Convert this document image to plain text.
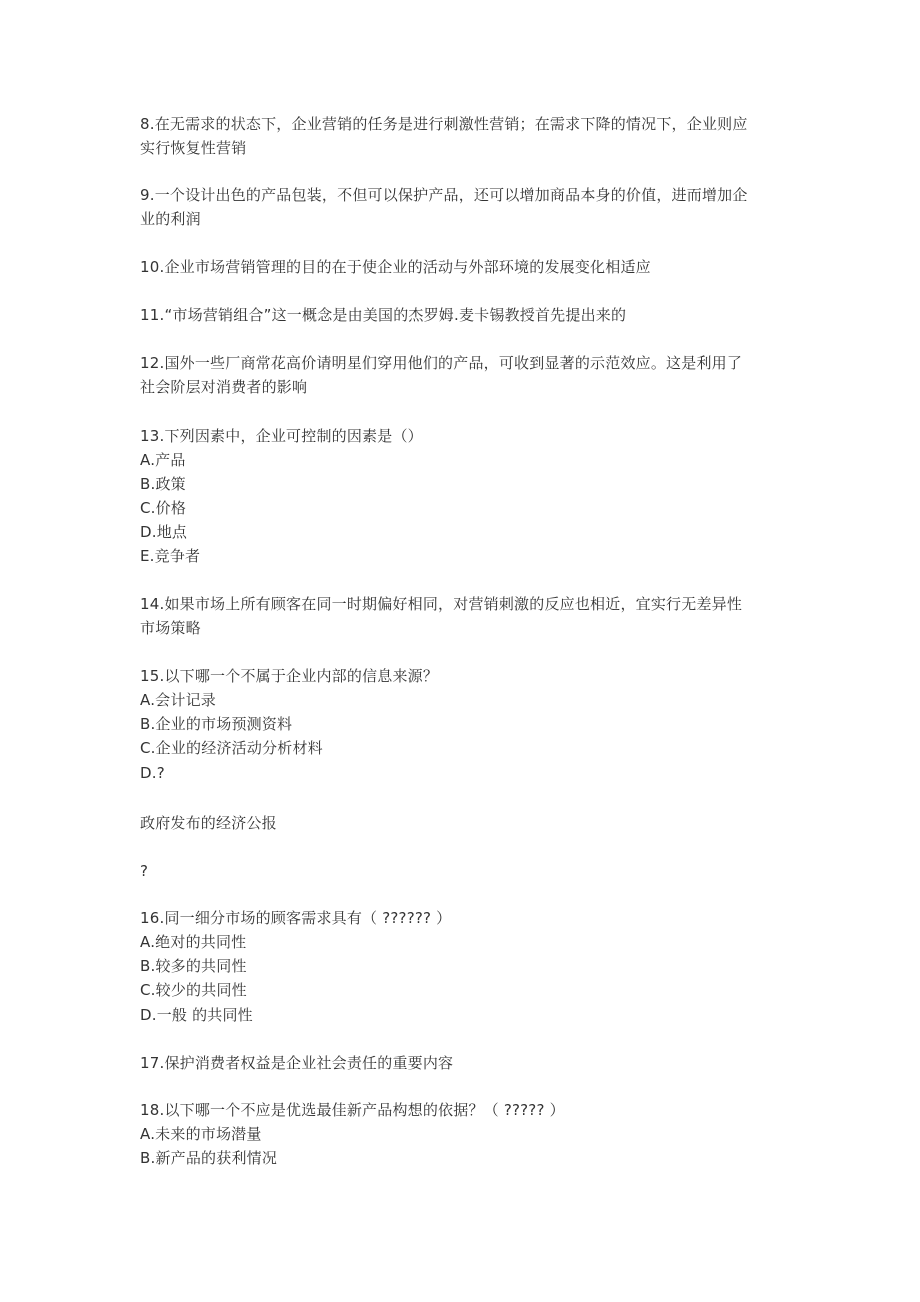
8.在无需求的状态下，企业营销的任务是进行刺激性营销；在需求下降的情况下，企业则应
实行恢复性营销
9.一个设计出色的产品包装，不但可以保护产品，还可以增加商品本身的价值，进而增加企
业的利润
10.企业市场营销管理的目的在于使企业的活动与外部环境的发展变化相适应
11.“市场营销组合”这一概念是由美国的杰罗姆.麦卡锡教授首先提出来的
12.国外一些厂商常花高价请明星们穿用他们的产品，可收到显著的示范效应。这是利用了
社会阶层对消费者的影响
13.下列因素中，企业可控制的因素是（）
A.产品
B.政策
C.价格
D.地点
E.竞争者
14.如果市场上所有顾客在同一时期偏好相同，对营销刺激的反应也相近，宜实行无差异性
市场策略
15.以下哪一个不属于企业内部的信息来源？
A.会计记录
B.企业的市场预测资料
C.企业的经济活动分析材料
D.?
政府发布的经济公报
?
16.同一细分市场的顾客需求具有（ ?????? ）
A.绝对的共同性
B.较多的共同性
C.较少的共同性
D.一般 的共同性
17.保护消费者权益是企业社会责任的重要内容
18.以下哪一个不应是优选最佳新产品构想的依据？（ ????? ）
A.未来的市场潜量
B.新产品的获利情况
